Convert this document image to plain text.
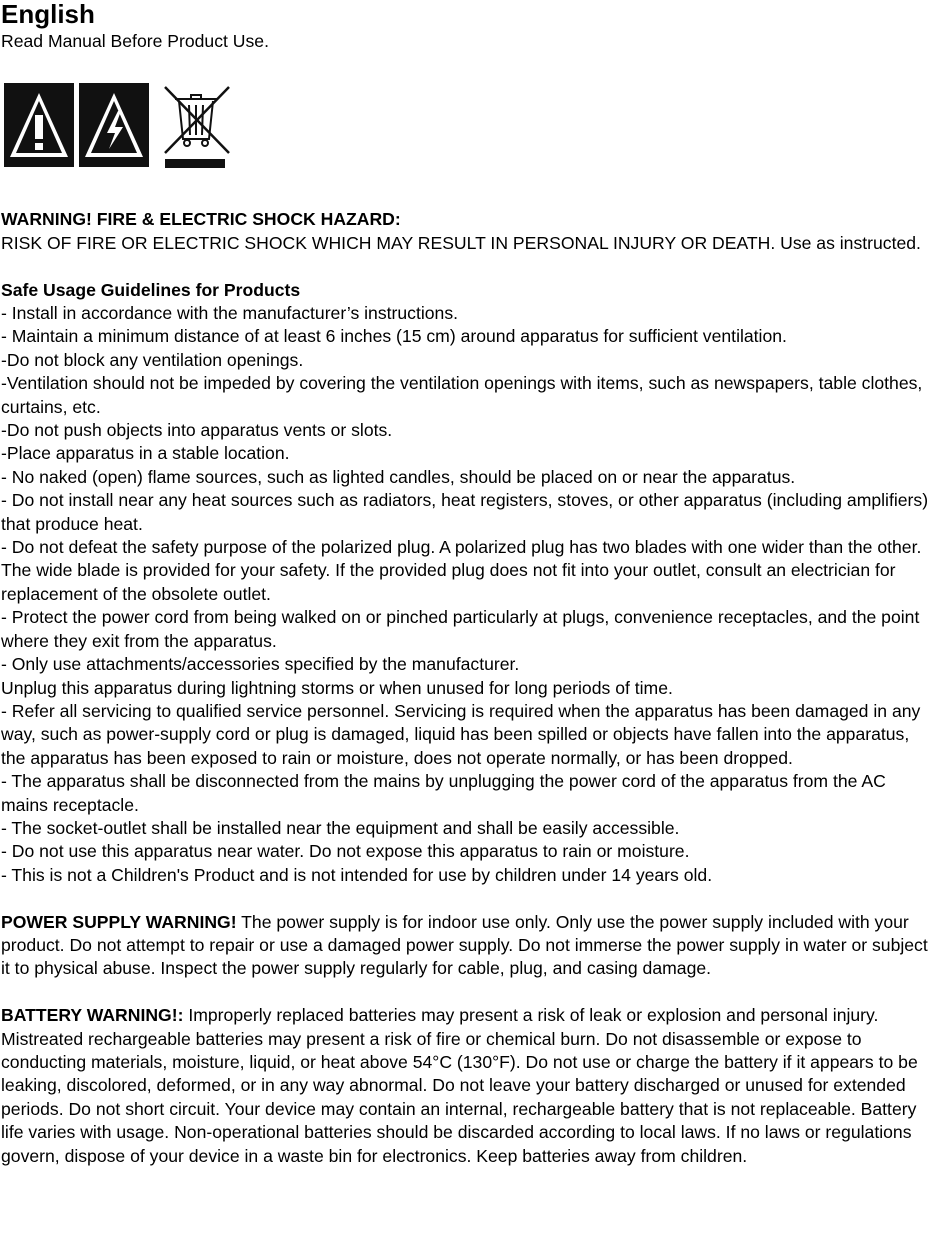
English

Read Manual Before Product Use.

WARNING! FIRE & ELECTRIC SHOCK HAZARD:

RISK OF FIRE OR ELECTRIC SHOCK WHICH MAY RESULT IN PERSONAL INJURY OR DEATH. Use as instructed.

Safe Usage Guidelines for Products

- Install in accordance with the manufacturer’s instructions.
- Maintain a minimum distance of at least 6 inches (15 cm) around apparatus for sufficient ventilation.
-Do not block any ventilation openings.
-Ventilation should not be impeded by covering the ventilation openings with items, such as newspapers, table clothes, curtains, etc.
-Do not push objects into apparatus vents or slots.
-Place apparatus in a stable location.
- No naked (open) flame sources, such as lighted candles, should be placed on or near the apparatus.
- Do not install near any heat sources such as radiators, heat registers, stoves, or other apparatus (including amplifiers) that produce heat.
- Do not defeat the safety purpose of the polarized plug. A polarized plug has two blades with one wider than the other. The wide blade is provided for your safety. If the provided plug does not fit into your outlet, consult an electrician for replacement of the obsolete outlet.
- Protect the power cord from being walked on or pinched particularly at plugs, convenience receptacles, and the point where they exit from the apparatus.
- Only use attachments/accessories specified by the manufacturer.
Unplug this apparatus during lightning storms or when unused for long periods of time.
- Refer all servicing to qualified service personnel. Servicing is required when the apparatus has been damaged in any way, such as power-supply cord or plug is damaged, liquid has been spilled or objects have fallen into the apparatus, the apparatus has been exposed to rain or moisture, does not operate normally, or has been dropped.
- The apparatus shall be disconnected from the mains by unplugging the power cord of the apparatus from the AC mains receptacle.
- The socket-outlet shall be installed near the equipment and shall be easily accessible.
- Do not use this apparatus near water. Do not expose this apparatus to rain or moisture.
- This is not a Children's Product and is not intended for use by children under 14 years old.

POWER SUPPLY WARNING! The power supply is for indoor use only. Only use the power supply included with your product. Do not attempt to repair or use a damaged power supply. Do not immerse the power supply in water or subject it to physical abuse. Inspect the power supply regularly for cable, plug, and casing damage.

BATTERY WARNING!: Improperly replaced batteries may present a risk of leak or explosion and personal injury. Mistreated rechargeable batteries may present a risk of fire or chemical burn. Do not disassemble or expose to conducting materials, moisture, liquid, or heat above 54°C (130°F). Do not use or charge the battery if it appears to be leaking, discolored, deformed, or in any way abnormal. Do not leave your battery discharged or unused for extended periods. Do not short circuit. Your device may contain an internal, rechargeable battery that is not replaceable. Battery life varies with usage. Non-operational batteries should be discarded according to local laws. If no laws or regulations govern, dispose of your device in a waste bin for electronics. Keep batteries away from children.
